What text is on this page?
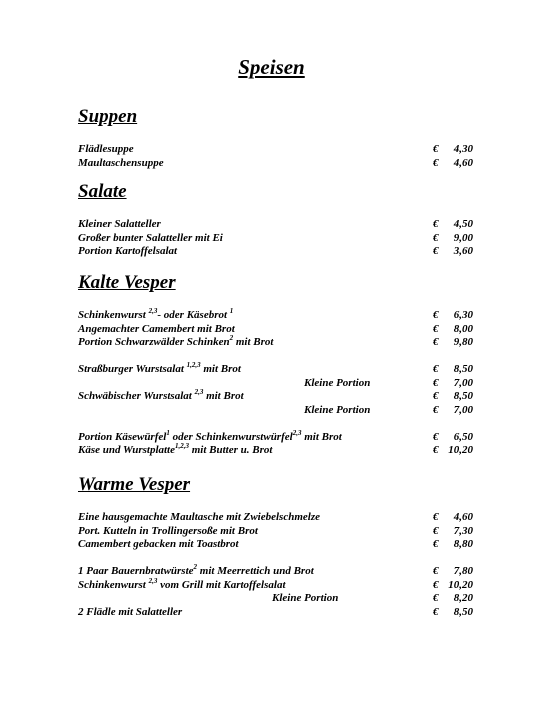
Speisen
Suppen
Flädlesuppe	€ 4,30
Maultaschensuppe	€ 4,60
Salate
Kleiner Salatteller	€ 4,50
Großer bunter Salatteller mit Ei	€ 9,00
Portion Kartoffelsalat	€ 3,60
Kalte Vesper
Schinkenwurst $^{2,3}$- oder Käsebrot $^1$	€ 6,30
Angemachter Camembert mit Brot	€ 8,00
Portion Schwarzwälder Schinken$^2$ mit Brot	€ 9,80
Straßburger Wurstsalat $^{1,2,3}$ mit Brot	€ 8,50
Kleine Portion	€ 7,00
Schwäbischer Wurstsalat $^{2,3}$ mit Brot	€ 8,50
Kleine Portion	€ 7,00
Portion Käsewürfel$^1$ oder Schinkenwurstwürfel$^{2,3}$ mit Brot	€ 6,50
Käse und Wurstplatte$^{1,2,3}$ mit Butter u. Brot	€ 10,20
Warme Vesper
Eine hausgemachte Maultasche mit Zwiebelschmelze	€ 4,60
Port. Kutteln in Trollingersoße mit Brot	€ 7,30
Camembert gebacken mit Toastbrot	€ 8,80
1 Paar Bauernbratwürste$^2$ mit Meerrettich und Brot	€ 7,80
Schinkenwurst $^{2,3}$ vom Grill mit Kartoffelsalat	€ 10,20
Kleine Portion	€ 8,20
2 Flädle mit Salatteller	€ 8,50
